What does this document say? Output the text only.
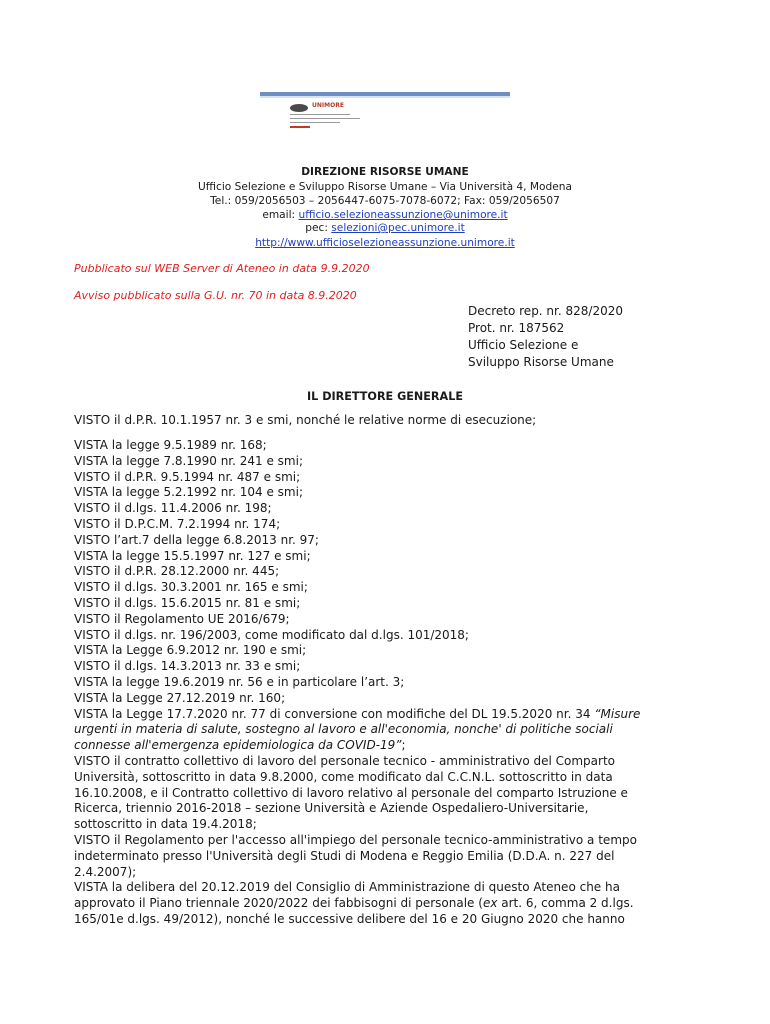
UNIMORE
DIREZIONE RISORSE UMANE
Ufficio Selezione e Sviluppo Risorse Umane – Via Università 4, Modena
Tel.: 059/2056503 – 2056447-6075-7078-6072; Fax: 059/2056507
email: ufficio.selezioneassunzione@unimore.it
pec: selezioni@pec.unimore.it
http://www.ufficioselezioneassunzione.unimore.it
Pubblicato sul WEB Server di Ateneo in data 9.9.2020
Avviso pubblicato sulla G.U. nr. 70 in data 8.9.2020
Decreto rep. nr. 828/2020
Prot. nr. 187562
Ufficio Selezione e
Sviluppo Risorse Umane
IL DIRETTORE GENERALE
VISTO il d.P.R. 10.1.1957 nr. 3 e smi, nonché le relative norme di esecuzione;
VISTA la legge 9.5.1989 nr. 168;
VISTA la legge 7.8.1990 nr. 241 e smi;
VISTO il d.P.R. 9.5.1994 nr. 487 e smi;
VISTA la legge 5.2.1992 nr. 104 e smi;
VISTO il d.lgs. 11.4.2006 nr. 198;
VISTO il D.P.C.M. 7.2.1994 nr. 174;
VISTO l’art.7 della legge 6.8.2013 nr. 97;
VISTA la legge 15.5.1997 nr. 127 e smi;
VISTO il d.P.R. 28.12.2000 nr. 445;
VISTO il d.lgs. 30.3.2001 nr. 165 e smi;
VISTO il d.lgs. 15.6.2015 nr. 81 e smi;
VISTO il Regolamento UE 2016/679;
VISTO il d.lgs. nr. 196/2003, come modificato dal d.lgs. 101/2018;
VISTA la Legge 6.9.2012 nr. 190 e smi;
VISTO il d.lgs. 14.3.2013 nr. 33 e smi;
VISTA la legge 19.6.2019 nr. 56 e in particolare l’art. 3;
VISTA la Legge 27.12.2019 nr. 160;
VISTA la Legge 17.7.2020 nr. 77 di conversione con modifiche del DL 19.5.2020 nr. 34 “Misure
urgenti in materia di salute, sostegno al lavoro e all'economia, nonche' di politiche sociali
connesse all'emergenza epidemiologica da COVID-19”;
VISTO il contratto collettivo di lavoro del personale tecnico - amministrativo del Comparto
Università, sottoscritto in data 9.8.2000, come modificato dal C.C.N.L. sottoscritto in data
16.10.2008, e il Contratto collettivo di lavoro relativo al personale del comparto Istruzione e
Ricerca, triennio 2016-2018 – sezione Università e Aziende Ospedaliero-Universitarie,
sottoscritto in data 19.4.2018;
VISTO il Regolamento per l'accesso all'impiego del personale tecnico-amministrativo a tempo
indeterminato presso l'Università degli Studi di Modena e Reggio Emilia (D.D.A. n. 227 del
2.4.2007);
VISTA la delibera del 20.12.2019 del Consiglio di Amministrazione di questo Ateneo che ha
approvato il Piano triennale 2020/2022 dei fabbisogni di personale (ex art. 6, comma 2 d.lgs.
165/01e d.lgs. 49/2012), nonché le successive delibere del 16 e 20 Giugno 2020 che hanno
